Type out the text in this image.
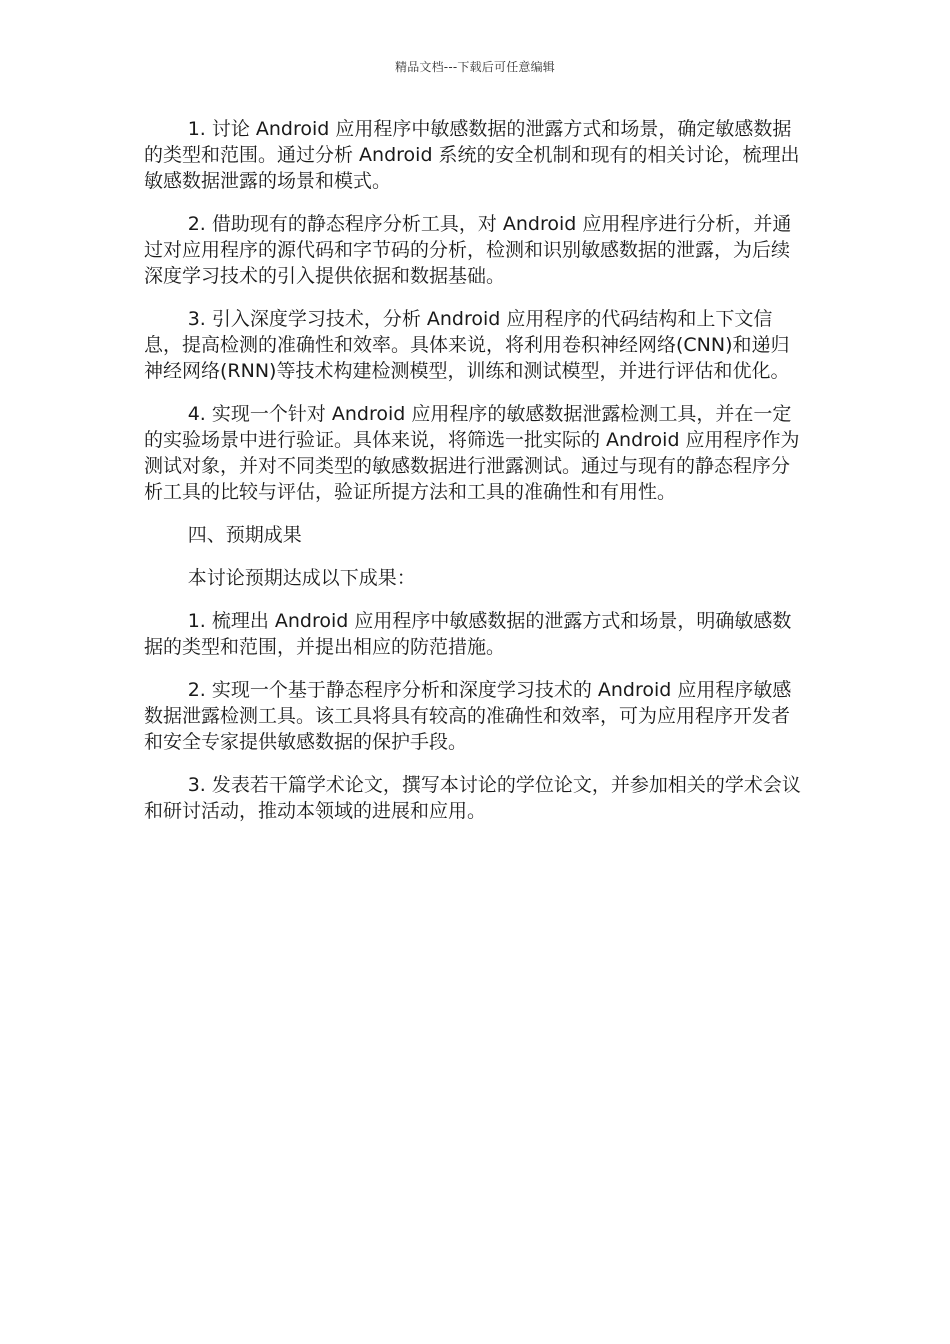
精品文档---下载后可任意编辑

1. 讨论 Android 应用程序中敏感数据的泄露方式和场景，确定敏感数据的类型和范围。通过分析 Android 系统的安全机制和现有的相关讨论，梳理出敏感数据泄露的场景和模式。

2. 借助现有的静态程序分析工具，对 Android 应用程序进行分析，并通过对应用程序的源代码和字节码的分析，检测和识别敏感数据的泄露，为后续深度学习技术的引入提供依据和数据基础。

3. 引入深度学习技术，分析 Android 应用程序的代码结构和上下文信息，提高检测的准确性和效率。具体来说，将利用卷积神经网络(CNN)和递归神经网络(RNN)等技术构建检测模型，训练和测试模型，并进行评估和优化。

4. 实现一个针对 Android 应用程序的敏感数据泄露检测工具，并在一定的实验场景中进行验证。具体来说，将筛选一批实际的 Android 应用程序作为测试对象，并对不同类型的敏感数据进行泄露测试。通过与现有的静态程序分析工具的比较与评估，验证所提方法和工具的准确性和有用性。

四、预期成果

本讨论预期达成以下成果：

1. 梳理出 Android 应用程序中敏感数据的泄露方式和场景，明确敏感数据的类型和范围，并提出相应的防范措施。

2. 实现一个基于静态程序分析和深度学习技术的 Android 应用程序敏感数据泄露检测工具。该工具将具有较高的准确性和效率，可为应用程序开发者和安全专家提供敏感数据的保护手段。

3. 发表若干篇学术论文，撰写本讨论的学位论文，并参加相关的学术会议和研讨活动，推动本领域的进展和应用。
